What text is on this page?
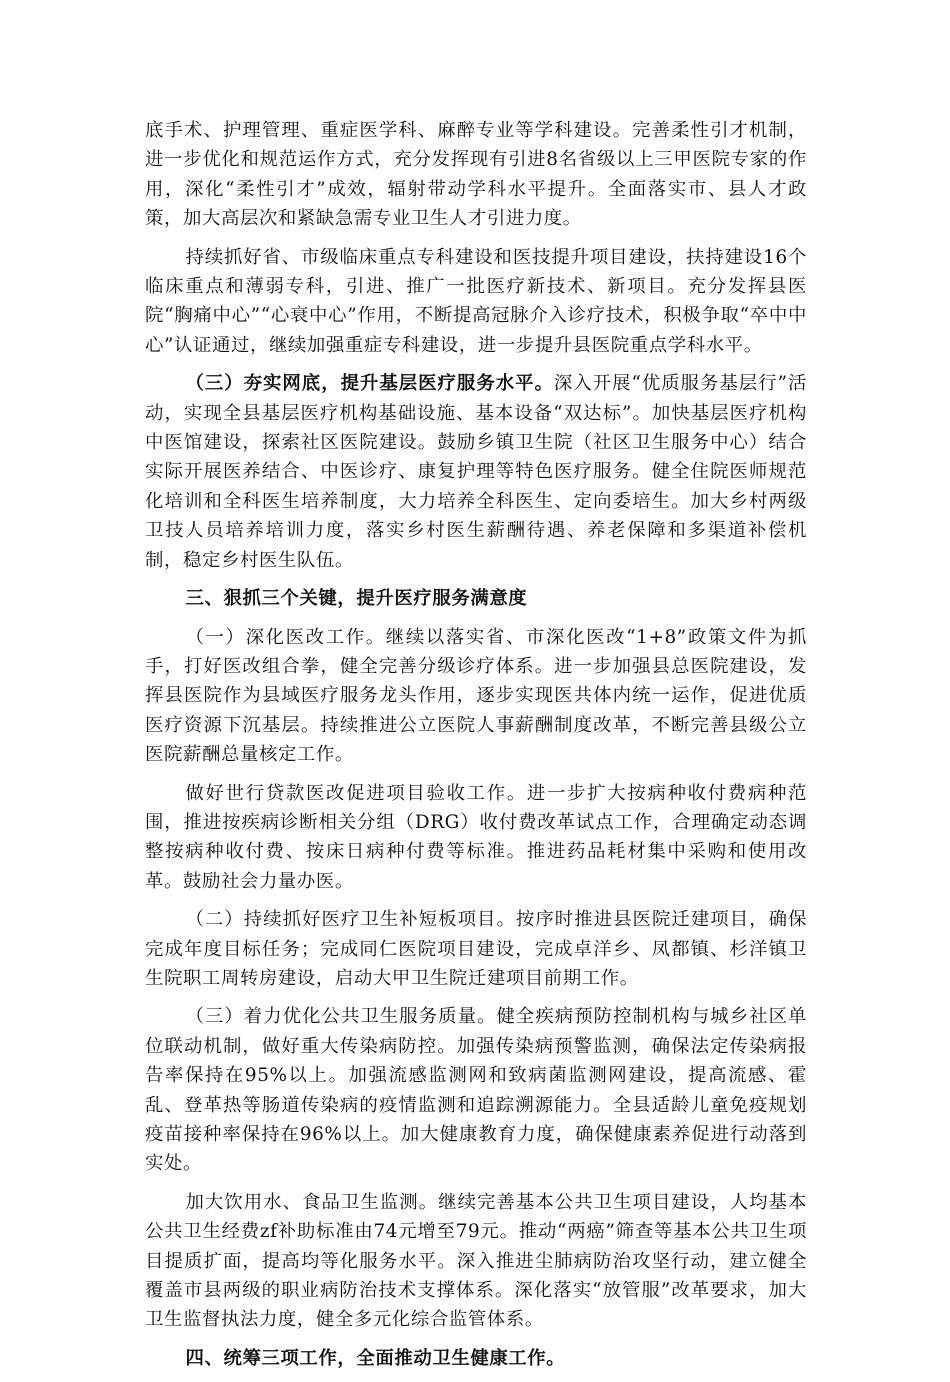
底手术、护理管理、重症医学科、麻醉专业等学科建设。完善柔性引才机制，进一步优化和规范运作方式，充分发挥现有引进8名省级以上三甲医院专家的作用，深化“柔性引才”成效，辐射带动学科水平提升。全面落实市、县人才政策，加大高层次和紧缺急需专业卫生人才引进力度。

持续抓好省、市级临床重点专科建设和医技提升项目建设，扶持建设16个临床重点和薄弱专科，引进、推广一批医疗新技术、新项目。充分发挥县医院“胸痛中心”“心衰中心”作用，不断提高冠脉介入诊疗技术，积极争取“卒中中心”认证通过，继续加强重症专科建设，进一步提升县医院重点学科水平。

（三）夯实网底，提升基层医疗服务水平。深入开展“优质服务基层行”活动，实现全县基层医疗机构基础设施、基本设备“双达标”。加快基层医疗机构中医馆建设，探索社区医院建设。鼓励乡镇卫生院（社区卫生服务中心）结合实际开展医养结合、中医诊疗、康复护理等特色医疗服务。健全住院医师规范化培训和全科医生培养制度，大力培养全科医生、定向委培生。加大乡村两级卫技人员培养培训力度，落实乡村医生薪酬待遇、养老保障和多渠道补偿机制，稳定乡村医生队伍。

三、狠抓三个关键，提升医疗服务满意度

（一）深化医改工作。继续以落实省、市深化医改“1+8”政策文件为抓手，打好医改组合拳，健全完善分级诊疗体系。进一步加强县总医院建设，发挥县医院作为县域医疗服务龙头作用，逐步实现医共体内统一运作，促进优质医疗资源下沉基层。持续推进公立医院人事薪酬制度改革，不断完善县级公立医院薪酬总量核定工作。

做好世行贷款医改促进项目验收工作。进一步扩大按病种收付费病种范围，推进按疾病诊断相关分组（DRG）收付费改革试点工作，合理确定动态调整按病种收付费、按床日病种付费等标准。推进药品耗材集中采购和使用改革。鼓励社会力量办医。

（二）持续抓好医疗卫生补短板项目。按序时推进县医院迁建项目，确保完成年度目标任务；完成同仁医院项目建设，完成卓洋乡、凤都镇、杉洋镇卫生院职工周转房建设，启动大甲卫生院迁建项目前期工作。

（三）着力优化公共卫生服务质量。健全疾病预防控制机构与城乡社区单位联动机制，做好重大传染病防控。加强传染病预警监测，确保法定传染病报告率保持在95%以上。加强流感监测网和致病菌监测网建设，提高流感、霍乱、登革热等肠道传染病的疫情监测和追踪溯源能力。全县适龄儿童免疫规划疫苗接种率保持在96%以上。加大健康教育力度，确保健康素养促进行动落到实处。

加大饮用水、食品卫生监测。继续完善基本公共卫生项目建设，人均基本公共卫生经费zf补助标准由74元增至79元。推动“两癌”筛查等基本公共卫生项目提质扩面，提高均等化服务水平。深入推进尘肺病防治攻坚行动，建立健全覆盖市县两级的职业病防治技术支撑体系。深化落实“放管服”改革要求，加大卫生监督执法力度，健全多元化综合监管体系。

四、统筹三项工作，全面推动卫生健康工作。
